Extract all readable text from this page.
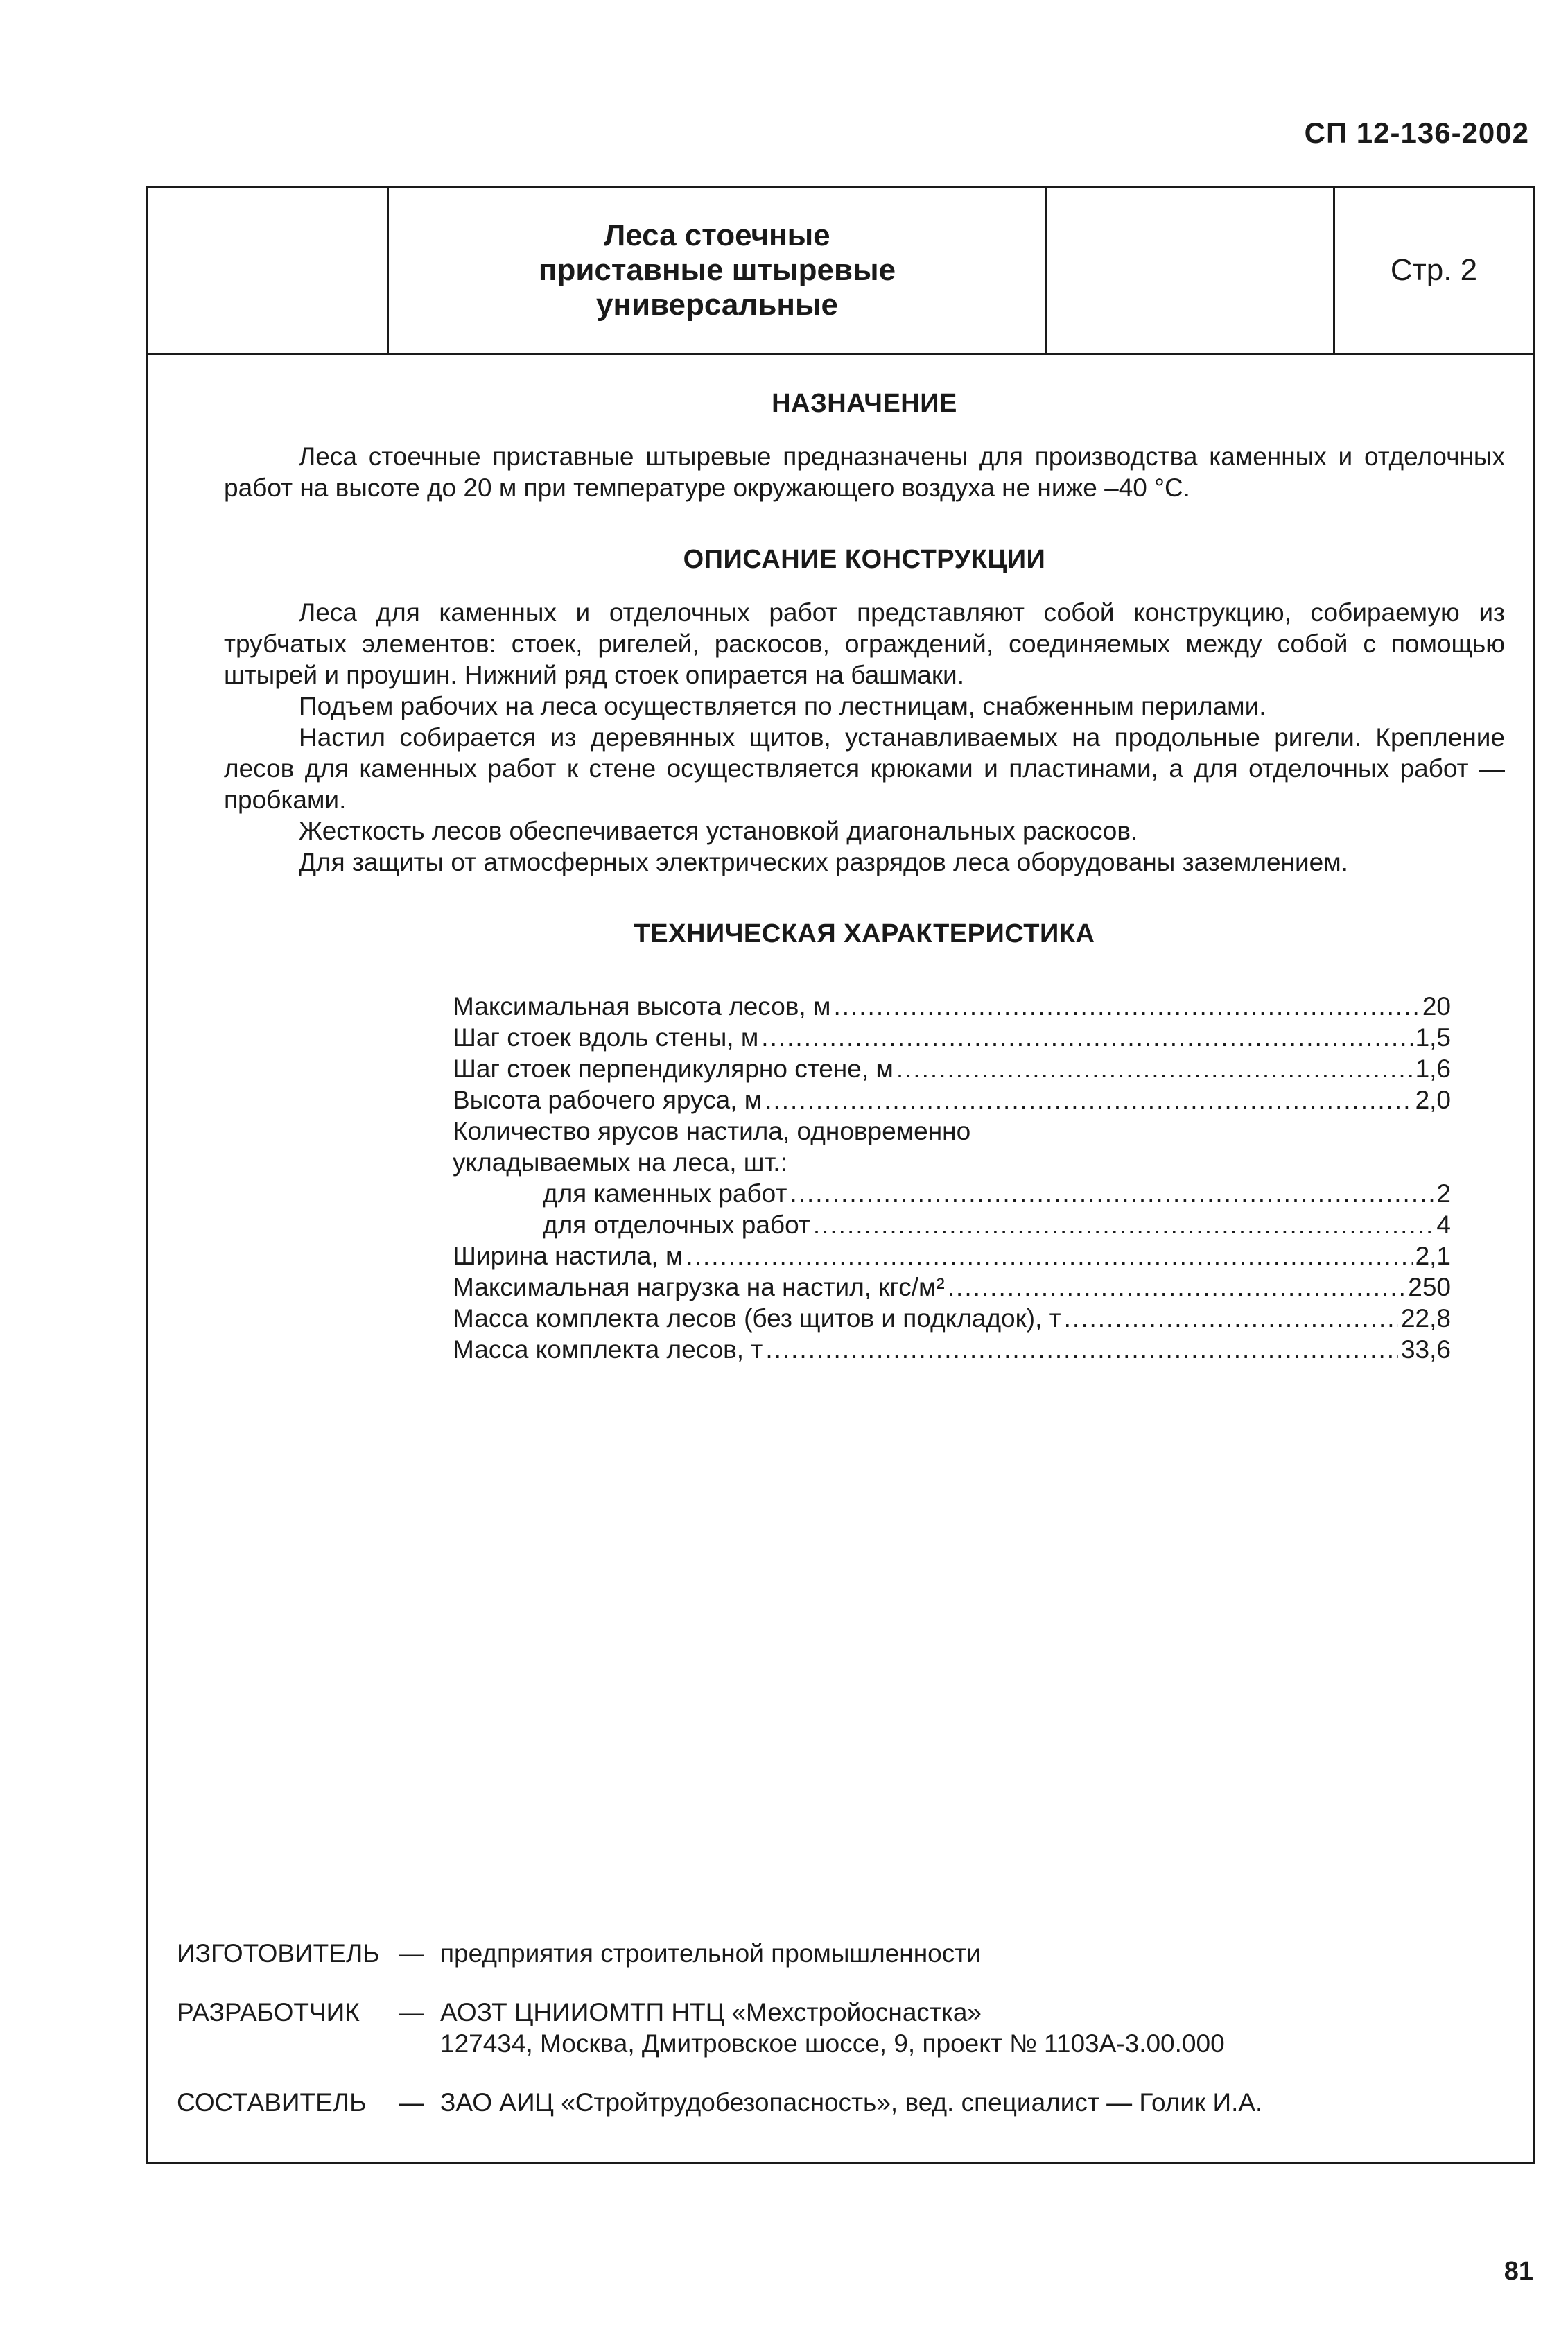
СП 12-136-2002
Леса стоечные
приставные штыревые
универсальные
Стр. 2
НАЗНАЧЕНИЕ

Леса стоечные приставные штыревые предназначены для производства каменных и отделочных работ на высоте до 20 м при температуре окружающего воздуха не ниже –40 °С.

ОПИСАНИЕ КОНСТРУКЦИИ

Леса для каменных и отделочных работ представляют собой конструкцию, собираемую из трубчатых элементов: стоек, ригелей, раскосов, ограждений, соединяемых между собой с помощью штырей и проушин. Нижний ряд стоек опирается на башмаки.

Подъем рабочих на леса осуществляется по лестницам, снабженным перилами.

Настил собирается из деревянных щитов, устанавливаемых на продольные ригели. Крепление лесов для каменных работ к стене осуществляется крюками и пластинами, а для отделочных работ — пробками.

Жесткость лесов обеспечивается установкой диагональных раскосов.

Для защиты от атмосферных электрических разрядов леса оборудованы заземлением.

ТЕХНИЧЕСКАЯ ХАРАКТЕРИСТИКА
Максимальная высота лесов, м .....	20
Шаг стоек вдоль стены, м .....	1,5
Шаг стоек перпендикулярно стене, м .....	1,6
Высота рабочего яруса, м .....	2,0
Количество ярусов настила, одновременно
укладываемых на леса, шт.:
для каменных работ .....	2
для отделочных работ .....	4
Ширина настила, м .....	2,1
Максимальная нагрузка на настил, кгс/м² .....	250
Масса комплекта лесов (без щитов и подкладок), т .....	22,8
Масса комплекта лесов, т .....	33,6
ИЗГОТОВИТЕЛЬ — предприятия строительной промышленности
РАЗРАБОТЧИК	— АОЗТ ЦНИИОМТП НТЦ «Мехстройоснастка»
127434, Москва, Дмитровское шоссе, 9, проект № 1103А-3.00.000
СОСТАВИТЕЛЬ	— ЗАО АИЦ «Стройтрудобезопасность», вед. специалист — Голик И.А.
81
